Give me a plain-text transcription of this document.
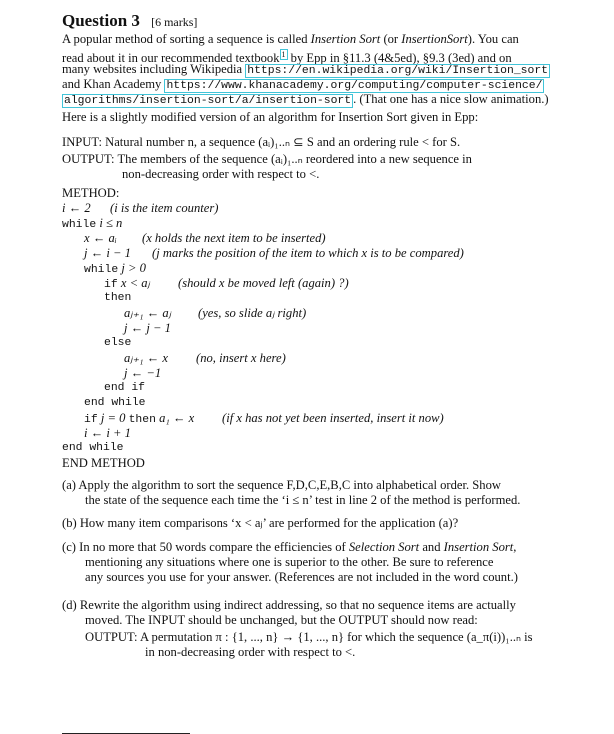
Question 3 [6 marks]
A popular method of sorting a sequence is called Insertion Sort (or InsertionSort). You can
read about it in our recommended textbook $^1$ by Epp in §11.3 (4&5ed), §9.3 (3ed) and on
many websites including Wikipedia https://en.wikipedia.org/wiki/Insertion_sort
and Khan Academy https://www.khanacademy.org/computing/computer-science/
algorithms/insertion-sort/a/insertion-sort . (That one has a nice slow animation.)
Here is a slightly modified version of an algorithm for Insertion Sort given in Epp:
INPUT: Natural number n, a sequence (aᵢ)₁..ₙ ⊆ S and an ordering rule < for S.
OUTPUT: The members of the sequence (aᵢ)₁..ₙ reordered into a new sequence in
non-decreasing order with respect to <.
METHOD:
i ← 2 (i is the item counter)
while i ≤ n
x ← aᵢ (x holds the next item to be inserted)
j ← i − 1 (j marks the position of the item to which x is to be compared)
while j > 0
if x < aⱼ (should x be moved left (again) ?)
then
aⱼ₊₁ ← aⱼ (yes, so slide aⱼ right)
j ← j − 1
else
aⱼ₊₁ ← x (no, insert x here)
j ← −1
end if
end while
if j = 0 then a₁ ← x (if x has not yet been inserted, insert it now)
i ← i + 1
end while
END METHOD
(a) Apply the algorithm to sort the sequence F,D,C,E,B,C into alphabetical order. Show
the state of the sequence each time the ‘i ≤ n’ test in line 2 of the method is performed.
(b) How many item comparisons ‘x < aⱼ’ are performed for the application (a)?
(c) In no more that 50 words compare the efficiencies of Selection Sort and Insertion Sort,
mentioning any situations where one is superior to the other. Be sure to reference
any sources you use for your answer. (References are not included in the word count.)
(d) Rewrite the algorithm using indirect addressing, so that no sequence items are actually
moved. The INPUT should be unchanged, but the OUTPUT should now read:
OUTPUT: A permutation π : {1, ..., n} → {1, ..., n} for which the sequence (a_π(i))₁..ₙ is
in non-decreasing order with respect to <.
